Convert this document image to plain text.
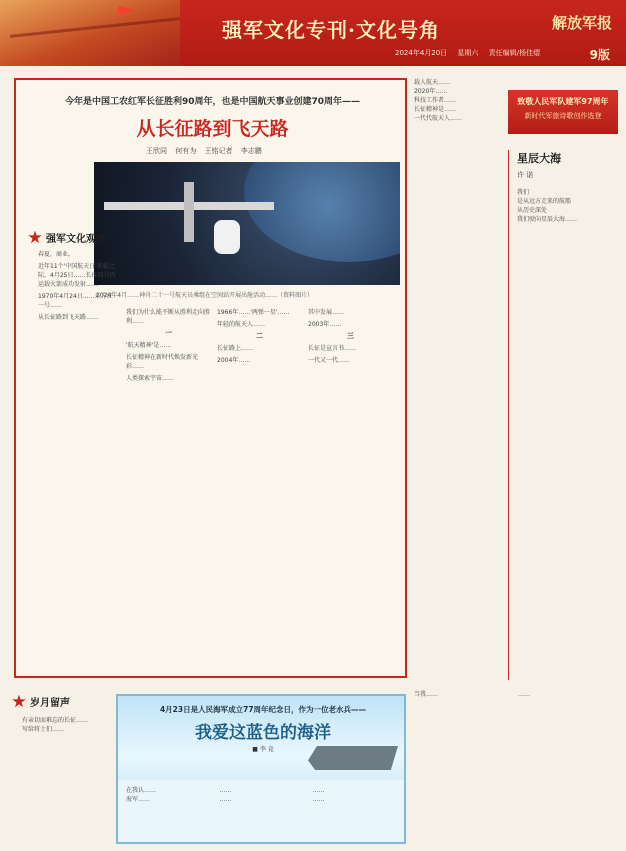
强军文化专刊·文化号角	解放军报
2024年4月20日 星期六 责任编辑/杨佳熠	9版
今年是中国工农红军长征胜利90周年，也是中国航天事业创建70周年——
从长征路到飞天路
王欣同 何有为 王铭记者 李志鹏
2024年4月……神舟二十一号航天员乘组在空间站开展出舱活动……（资料图片）
强军文化观察

春夏，商业。

近年11个'中国航天日'来临之际，4月25日……长征四号丙运载火箭成功发射……

1970年4月24日……东方红一号……

从长征路到飞天路……

我们为什么能不断从胜利走向胜利……

一

'航天精神'是……

长征精神在新时代焕发新光彩……

人类探索宇宙……

1966年……'两弹一星'……

年轻的航天人……

二

长征路上……

2004年……

其中发展……

2003年……

三

长征是宣言书……

一代又一代……

载人航天……

2020年……

科技工作者……

长征精神是……

一代代航天人……

致敬人民军队建军97周年
新时代军旅诗歌创作选登
星辰大海
许 诺
我们
是从远方走来的航船
从历史深处
我们驶向星辰大海……
岁月留声

有亲切而难忘的长征……

写给将士们……

4月23日是人民海军成立77周年纪念日，作为一位老水兵——
我爱这蓝色的海洋
■ 李 竞

在我认……

海军……

……

……

……

……

当我……	……
